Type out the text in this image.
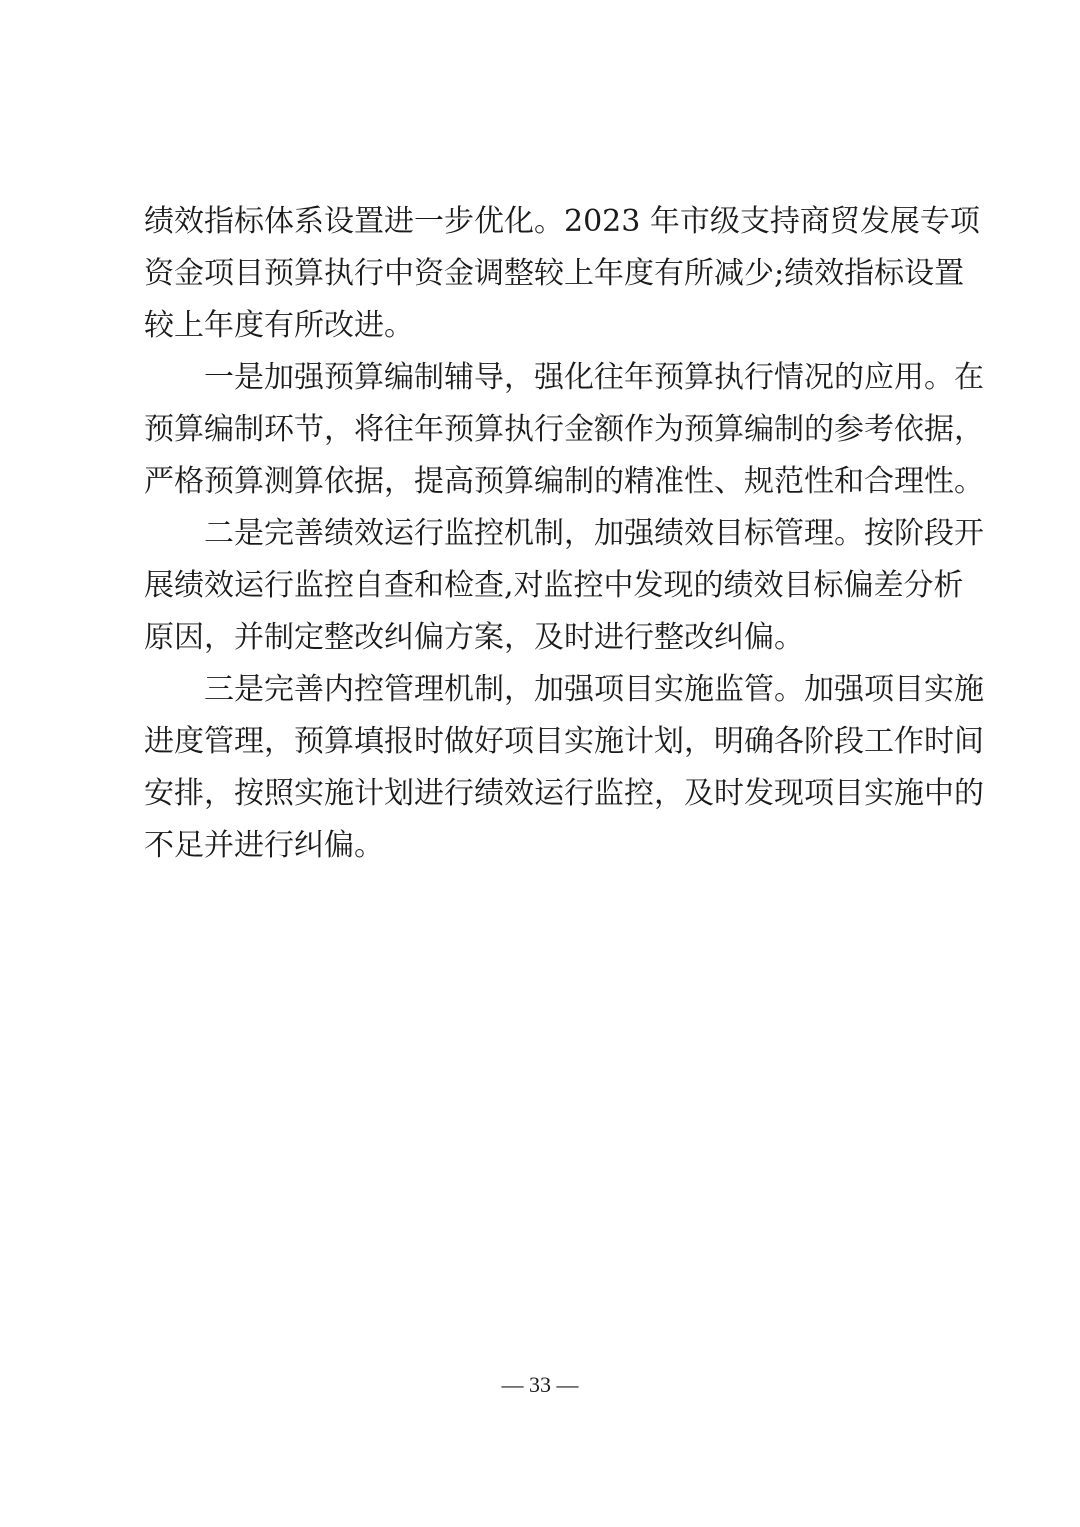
绩效指标体系设置进一步优化。2023 年市级支持商贸发展专项
资金项目预算执行中资金调整较上年度有所减少;绩效指标设置
较上年度有所改进。
一是加强预算编制辅导，强化往年预算执行情况的应用。在
预算编制环节，将往年预算执行金额作为预算编制的参考依据，
严格预算测算依据，提高预算编制的精准性、规范性和合理性。
二是完善绩效运行监控机制，加强绩效目标管理。按阶段开
展绩效运行监控自查和检查,对监控中发现的绩效目标偏差分析
原因，并制定整改纠偏方案，及时进行整改纠偏。
三是完善内控管理机制，加强项目实施监管。加强项目实施
进度管理，预算填报时做好项目实施计划，明确各阶段工作时间
安排，按照实施计划进行绩效运行监控，及时发现项目实施中的
不足并进行纠偏。
— 33 —
